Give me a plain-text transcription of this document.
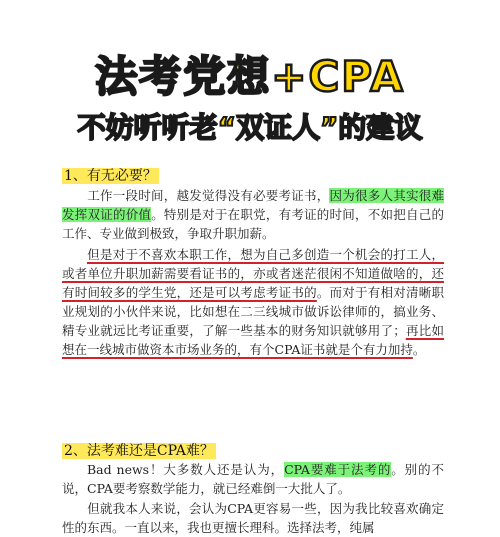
法考党想+CPA
不妨听听老“双证人”的建议
1、有无必要？
工作一段时间，越发觉得没有必要考证书，因为很多人其实很难发挥双证的价值。特别是对于在职党，有考证的时间，不如把自己的工作、专业做到极致，争取升职加薪。
但是对于不喜欢本职工作，想为自己多创造一个机会的打工人，或者单位升职加薪需要看证书的，亦或者迷茫很闲不知道做啥的，还有时间较多的学生党，还是可以考虑考证书的。而对于有相对清晰职业规划的小伙伴来说，比如想在二三线城市做诉讼律师的，搞业务、精专业就远比考证重要，了解一些基本的财务知识就够用了；再比如想在一线城市做资本市场业务的，有个CPA证书就是个有力加持。
2、法考难还是CPA难？
Bad news！大多数人还是认为，CPA要难于法考的。别的不说，CPA要考察数学能力，就已经难倒一大批人了。
但就我本人来说，会认为CPA更容易一些，因为我比较喜欢确定性的东西。一直以来，我也更擅长理科。选择法考，纯属
